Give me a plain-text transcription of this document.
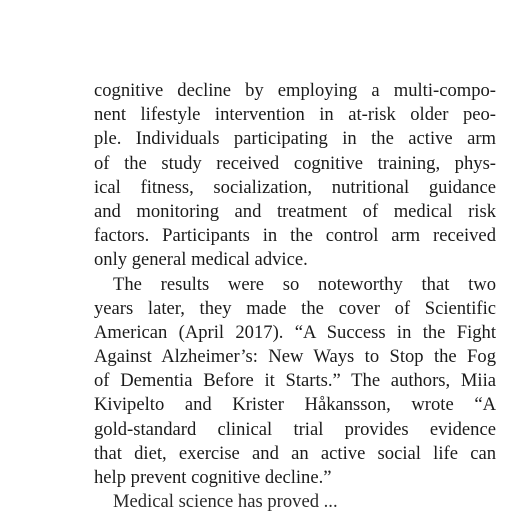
cognitive decline by employing a multi-compo-
nent lifestyle intervention in at-risk older peo-
ple. Individuals participating in the active arm
of the study received cognitive training, phys-
ical fitness, socialization, nutritional guidance
and monitoring and treatment of medical risk
factors. Participants in the control arm received
only general medical advice.
The results were so noteworthy that two
years later, they made the cover of Scientific
American (April 2017). “A Success in the Fight
Against Alzheimer’s: New Ways to Stop the Fog
of Dementia Before it Starts.” The authors, Miia
Kivipelto and Krister Håkansson, wrote “A
gold-standard clinical trial provides evidence
that diet, exercise and an active social life can
help prevent cognitive decline.”
Medical science has proved ...
